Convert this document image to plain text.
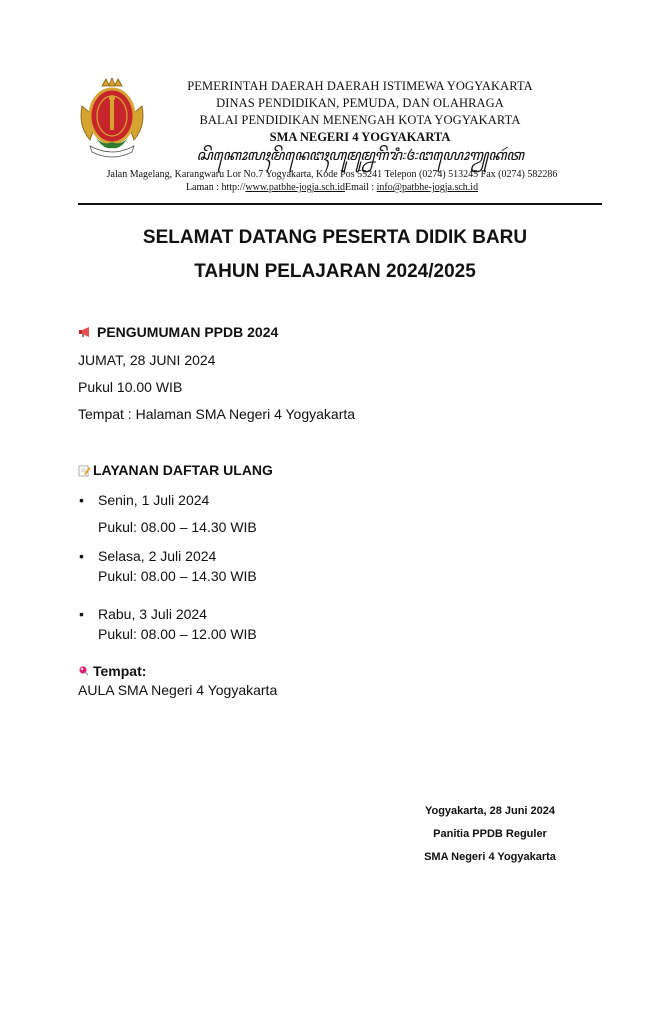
PEMERINTAH DAERAH DAERAH ISTIMEWA YOGYAKARTA
DINAS PENDIDIKAN, PEMUDA, DAN OLAHRAGA
BALAI PENDIDIKAN MENENGAH KOTA YOGYAKARTA
SMA NEGERI 4 YOGYAKARTA
ꦱꦼꦏꦺꦴꦭꦃꦩꦼꦤꦺꦔꦃꦲꦸꦩꦸꦩ꧀ꦤꦒꦼꦫꦶ꧇꧔꧇ꦔꦪꦺꦴꦒꦾꦏꦂꦠ
Jalan Magelang, Karangwaru Lor No.7 Yogyakarta, Kode Pos 55241 Telepon (0274) 513245 Fax (0274) 582286
Laman : http://www.patbhe-jogja.sch.idEmail : info@patbhe-jogja.sch.id
SELAMAT DATANG PESERTA DIDIK BARU
TAHUN PELAJARAN 2024/2025
PENGUMUMAN PPDB 2024
JUMAT, 28 JUNI 2024
Pukul 10.00 WIB
Tempat : Halaman SMA Negeri 4 Yogyakarta
LAYANAN DAFTAR ULANG
• Senin, 1 Juli 2024
Pukul: 08.00 – 14.30 WIB
• Selasa, 2 Juli 2024
Pukul: 08.00 – 14.30 WIB
• Rabu, 3 Juli 2024
Pukul: 08.00 – 12.00 WIB
Tempat:
AULA SMA Negeri 4 Yogyakarta
Yogyakarta, 28 Juni 2024
Panitia PPDB Reguler
SMA Negeri 4 Yogyakarta
